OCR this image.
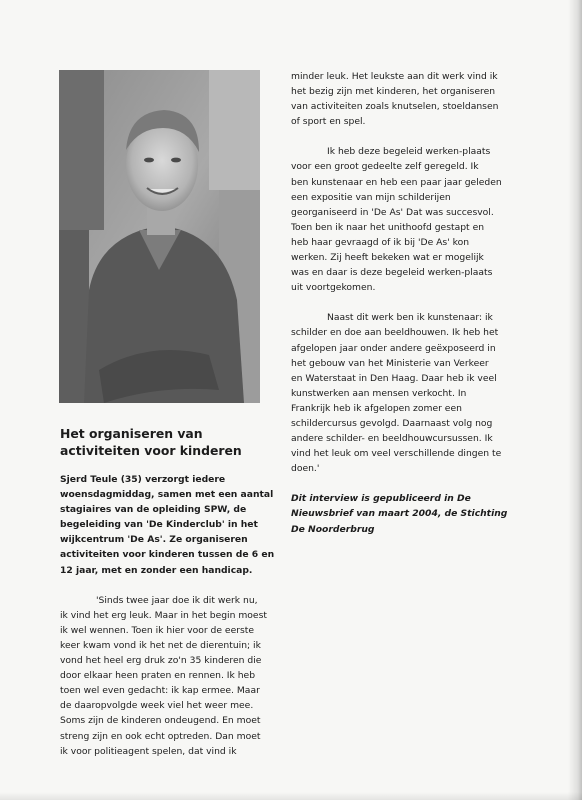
Het organiseren van
activiteiten voor kinderen

Sjerd Teule (35) verzorgt iedere

woensdagmiddag, samen met een aantal

stagiaires van de opleiding SPW, de

begeleiding van 'De Kinderclub' in het

wijkcentrum 'De As'. Ze organiseren

activiteiten voor kinderen tussen de 6 en

12 jaar, met en zonder een handicap.

'Sinds twee jaar doe ik dit werk nu,

ik vind het erg leuk. Maar in het begin moest

ik wel wennen. Toen ik hier voor de eerste

keer kwam vond ik het net de dierentuin; ik

vond het heel erg druk zo'n 35 kinderen die

door elkaar heen praten en rennen. Ik heb

toen wel even gedacht: ik kap ermee. Maar

de daaropvolgde week viel het weer mee.

Soms zijn de kinderen ondeugend. En moet

streng zijn en ook echt optreden. Dan moet

ik voor politieagent spelen, dat vind ik

minder leuk. Het leukste aan dit werk vind ik

het bezig zijn met kinderen, het organiseren

van activiteiten zoals knutselen, stoeldansen

of sport en spel.

Ik heb deze begeleid werken-plaats

voor een groot gedeelte zelf geregeld. Ik

ben kunstenaar en heb een paar jaar geleden

een expositie van mijn schilderijen

georganiseerd in 'De As' Dat was succesvol.

Toen ben ik naar het unithoofd gestapt en

heb haar gevraagd of ik bij 'De As' kon

werken. Zij heeft bekeken wat er mogelijk

was en daar is deze begeleid werken-plaats

uit voortgekomen.

Naast dit werk ben ik kunstenaar: ik

schilder en doe aan beeldhouwen. Ik heb het

afgelopen jaar onder andere geëxposeerd in

het gebouw van het Ministerie van Verkeer

en Waterstaat in Den Haag. Daar heb ik veel

kunstwerken aan mensen verkocht. In

Frankrijk heb ik afgelopen zomer een

schildercursus gevolgd. Daarnaast volg nog

andere schilder- en beeldhouwcursussen. Ik

vind het leuk om veel verschillende dingen te

doen.'

Dit interview is gepubliceerd in De

Nieuwsbrief van maart 2004, de Stichting

De Noorderbrug
